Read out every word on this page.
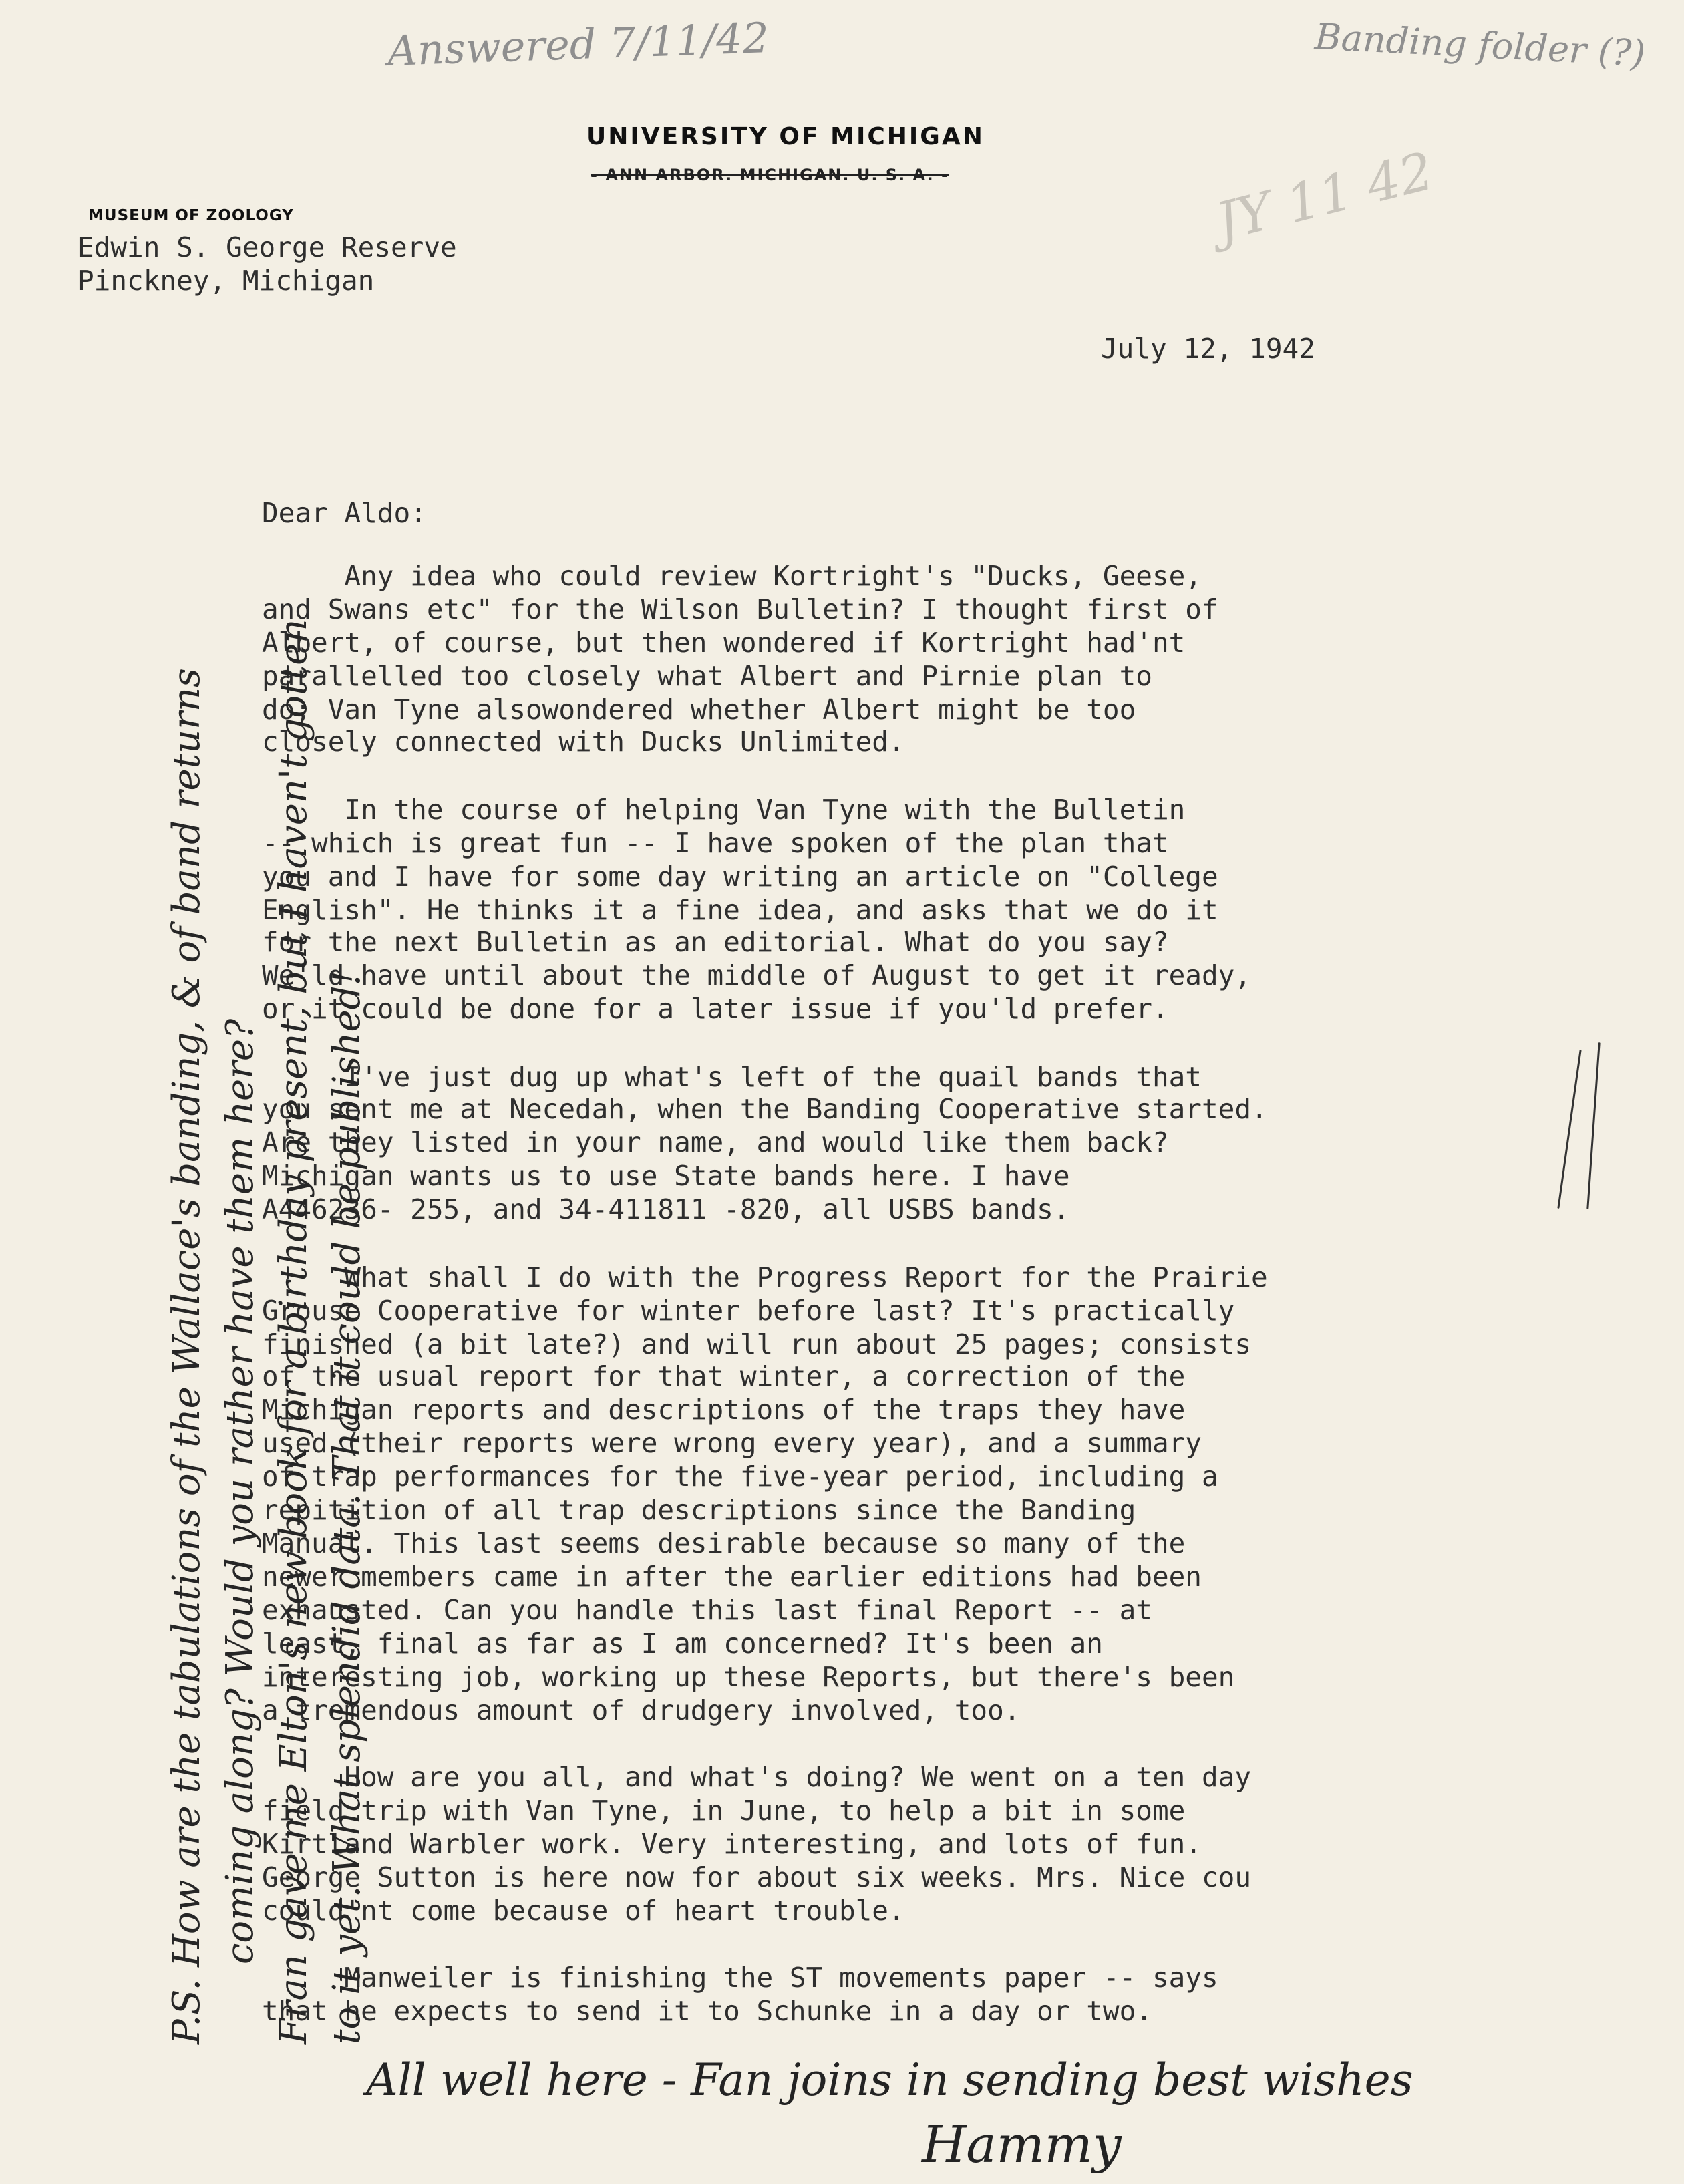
Answered 7/11/42	Banding folder (?)
JY 11 42
UNIVERSITY OF MICHIGAN
- ANN ARBOR. MICHIGAN. U. S. A. -
MUSEUM OF ZOOLOGY
Edwin S. George Reserve
Pinckney, Michigan
July 12, 1942
Dear Aldo:
Any idea who could review Kortright's "Ducks, Geese,
and Swans etc" for the Wilson Bulletin? I thought first of
Albert, of course, but then wondered if Kortright had'nt
parallelled too closely what Albert and Pirnie plan to
do; Van Tyne alsowondered whether Albert might be too
closely connected with Ducks Unlimited.
In the course of helping Van Tyne with the Bulletin
-- which is great fun -- I have spoken of the plan that
you and I have for some day writing an article on "College
English". He thinks it a fine idea, and asks that we do it
for the next Bulletin as an editorial. What do you say?
We'ld have until about the middle of August to get it ready,
or it could be done for a later issue if you'ld prefer.
I've just dug up what's left of the quail bands that
you sent me at Necedah, when the Banding Cooperative started.
Are they listed in your name, and would like them back?
Michigan wants us to use State bands here. I have
A446236- 255, and 34-411811 -820, all USBS bands.
What shall I do with the Progress Report for the Prairie
Grouse Cooperative for winter before last? It's practically
finished (a bit late?) and will run about 25 pages; consists
of the usual report for that winter, a correction of the
Michigan reports and descriptions of the traps they have
used (their reports were wrong every year), and a summary
of trap performances for the five-year period, including a
repitition of all trap descriptions since the Banding
Manual. This last seems desirable because so many of the
newer members came in after the earlier editions had been
exhausted. Can you handle this last final Report -- at
least, final as far as I am concerned? It's been an
interesting job, working up these Reports, but there's been
a tremendous amount of drudgery involved, too.
How are you all, and what's doing? We went on a ten day
field trip with Van Tyne, in June, to help a bit in some
Kirtland Warbler work. Very interesting, and lots of fun.
George Sutton is here now for about six weeks. Mrs. Nice cou
could'nt come because of heart trouble.
Manweiler is finishing the ST movements paper -- says
that he expects to send it to Schunke in a day or two.
All well here - Fan joins in sending best wishes
Hammy
P.S. How are the tabulations of the Wallace's banding, & of band returns coming along? Would you rather have them here? Fran gave me Elton's new book for a birthday present, but I haven't gotten to it yet. What splendid data. That it could be published!
